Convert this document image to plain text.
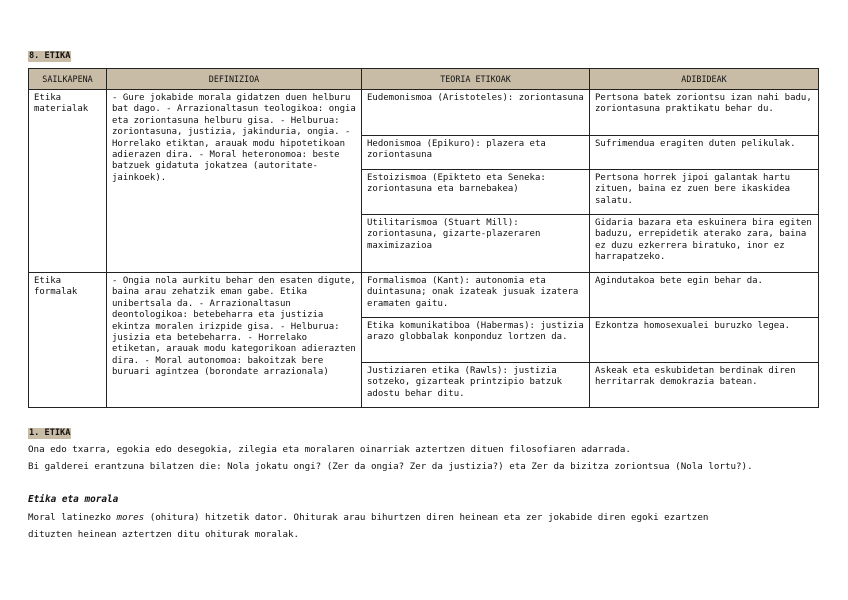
8. ETIKA
SAILKAPENA	DEFINIZIOA	TEORIA ETIKOAK	ADIBIDEAK
Etika materialak	- Gure jokabide morala gidatzen duen helburu bat dago. - Arrazionaltasun teologikoa: ongia eta zoriontasuna helburu gisa. - Helburua: zoriontasuna, justizia, jakinduria, ongia. - Horrelako etiktan, arauak modu hipotetikoan adierazen dira. - Moral heteronomoa: beste batzuek gidatuta jokatzea (autoritate-jainkoek).	Eudemonismoa (Aristoteles): zoriontasuna	Pertsona batek zoriontsu izan nahi badu, zoriontasuna praktikatu behar du.
		Hedonismoa (Epikuro): plazera eta zoriontasuna	Sufrimendua eragiten duten pelikulak.
		Estoizismoa (Epikteto eta Seneka: zoriontasuna eta barnebakea)	Pertsona horrek jipoi galantak hartu zituen, baina ez zuen bere ikaskidea salatu.
		Utilitarismoa (Stuart Mill): zoriontasuna, gizarte-plazeraren maximizazioa	Gidaria bazara eta eskuinera bira egiten baduzu, errepidetik aterako zara, baina ez duzu ezkerrera biratuko, inor ez harrapatzeko.
Etika formalak	- Ongia nola aurkitu behar den esaten digute, baina arau zehatzik eman gabe. Etika unibertsala da. - Arrazionaltasun deontologikoa: betebeharra eta justizia ekintza moralen irizpide gisa. - Helburua: jusizia eta betebeharra. - Horrelako etiketan, arauak modu kategorikoan adierazten dira. - Moral autonomoa: bakoitzak bere buruari agintzea (borondate arrazionala)	Formalismoa (Kant): autonomia eta duintasuna; onak izateak jusuak izatera eramaten gaitu.	Agindutakoa bete egin behar da.
		Etika komunikatiboa (Habermas): justizia arazo globbalak konponduz lortzen da.	Ezkontza homosexualei buruzko legea.
		Justiziaren etika (Rawls): justizia sotzeko, gizarteak printzipio batzuk adostu behar ditu.	Askeak eta eskubidetan berdinak diren herritarrak demokrazia batean.
1. ETIKA
Ona edo txarra, egokia edo desegokia, zilegia eta moralaren oinarriak aztertzen dituen filosofiaren adarrada.
Bi galderei erantzuna bilatzen die: Nola jokatu ongi? (Zer da ongia? Zer da justizia?) eta Zer da bizitza zoriontsua (Nola lortu?).
Etika eta morala
Moral latinezko mores (ohitura) hitzetik dator. Ohiturak arau bihurtzen diren heinean eta zer jokabide diren egoki ezartzen
dituzten heinean aztertzen ditu ohiturak moralak.
